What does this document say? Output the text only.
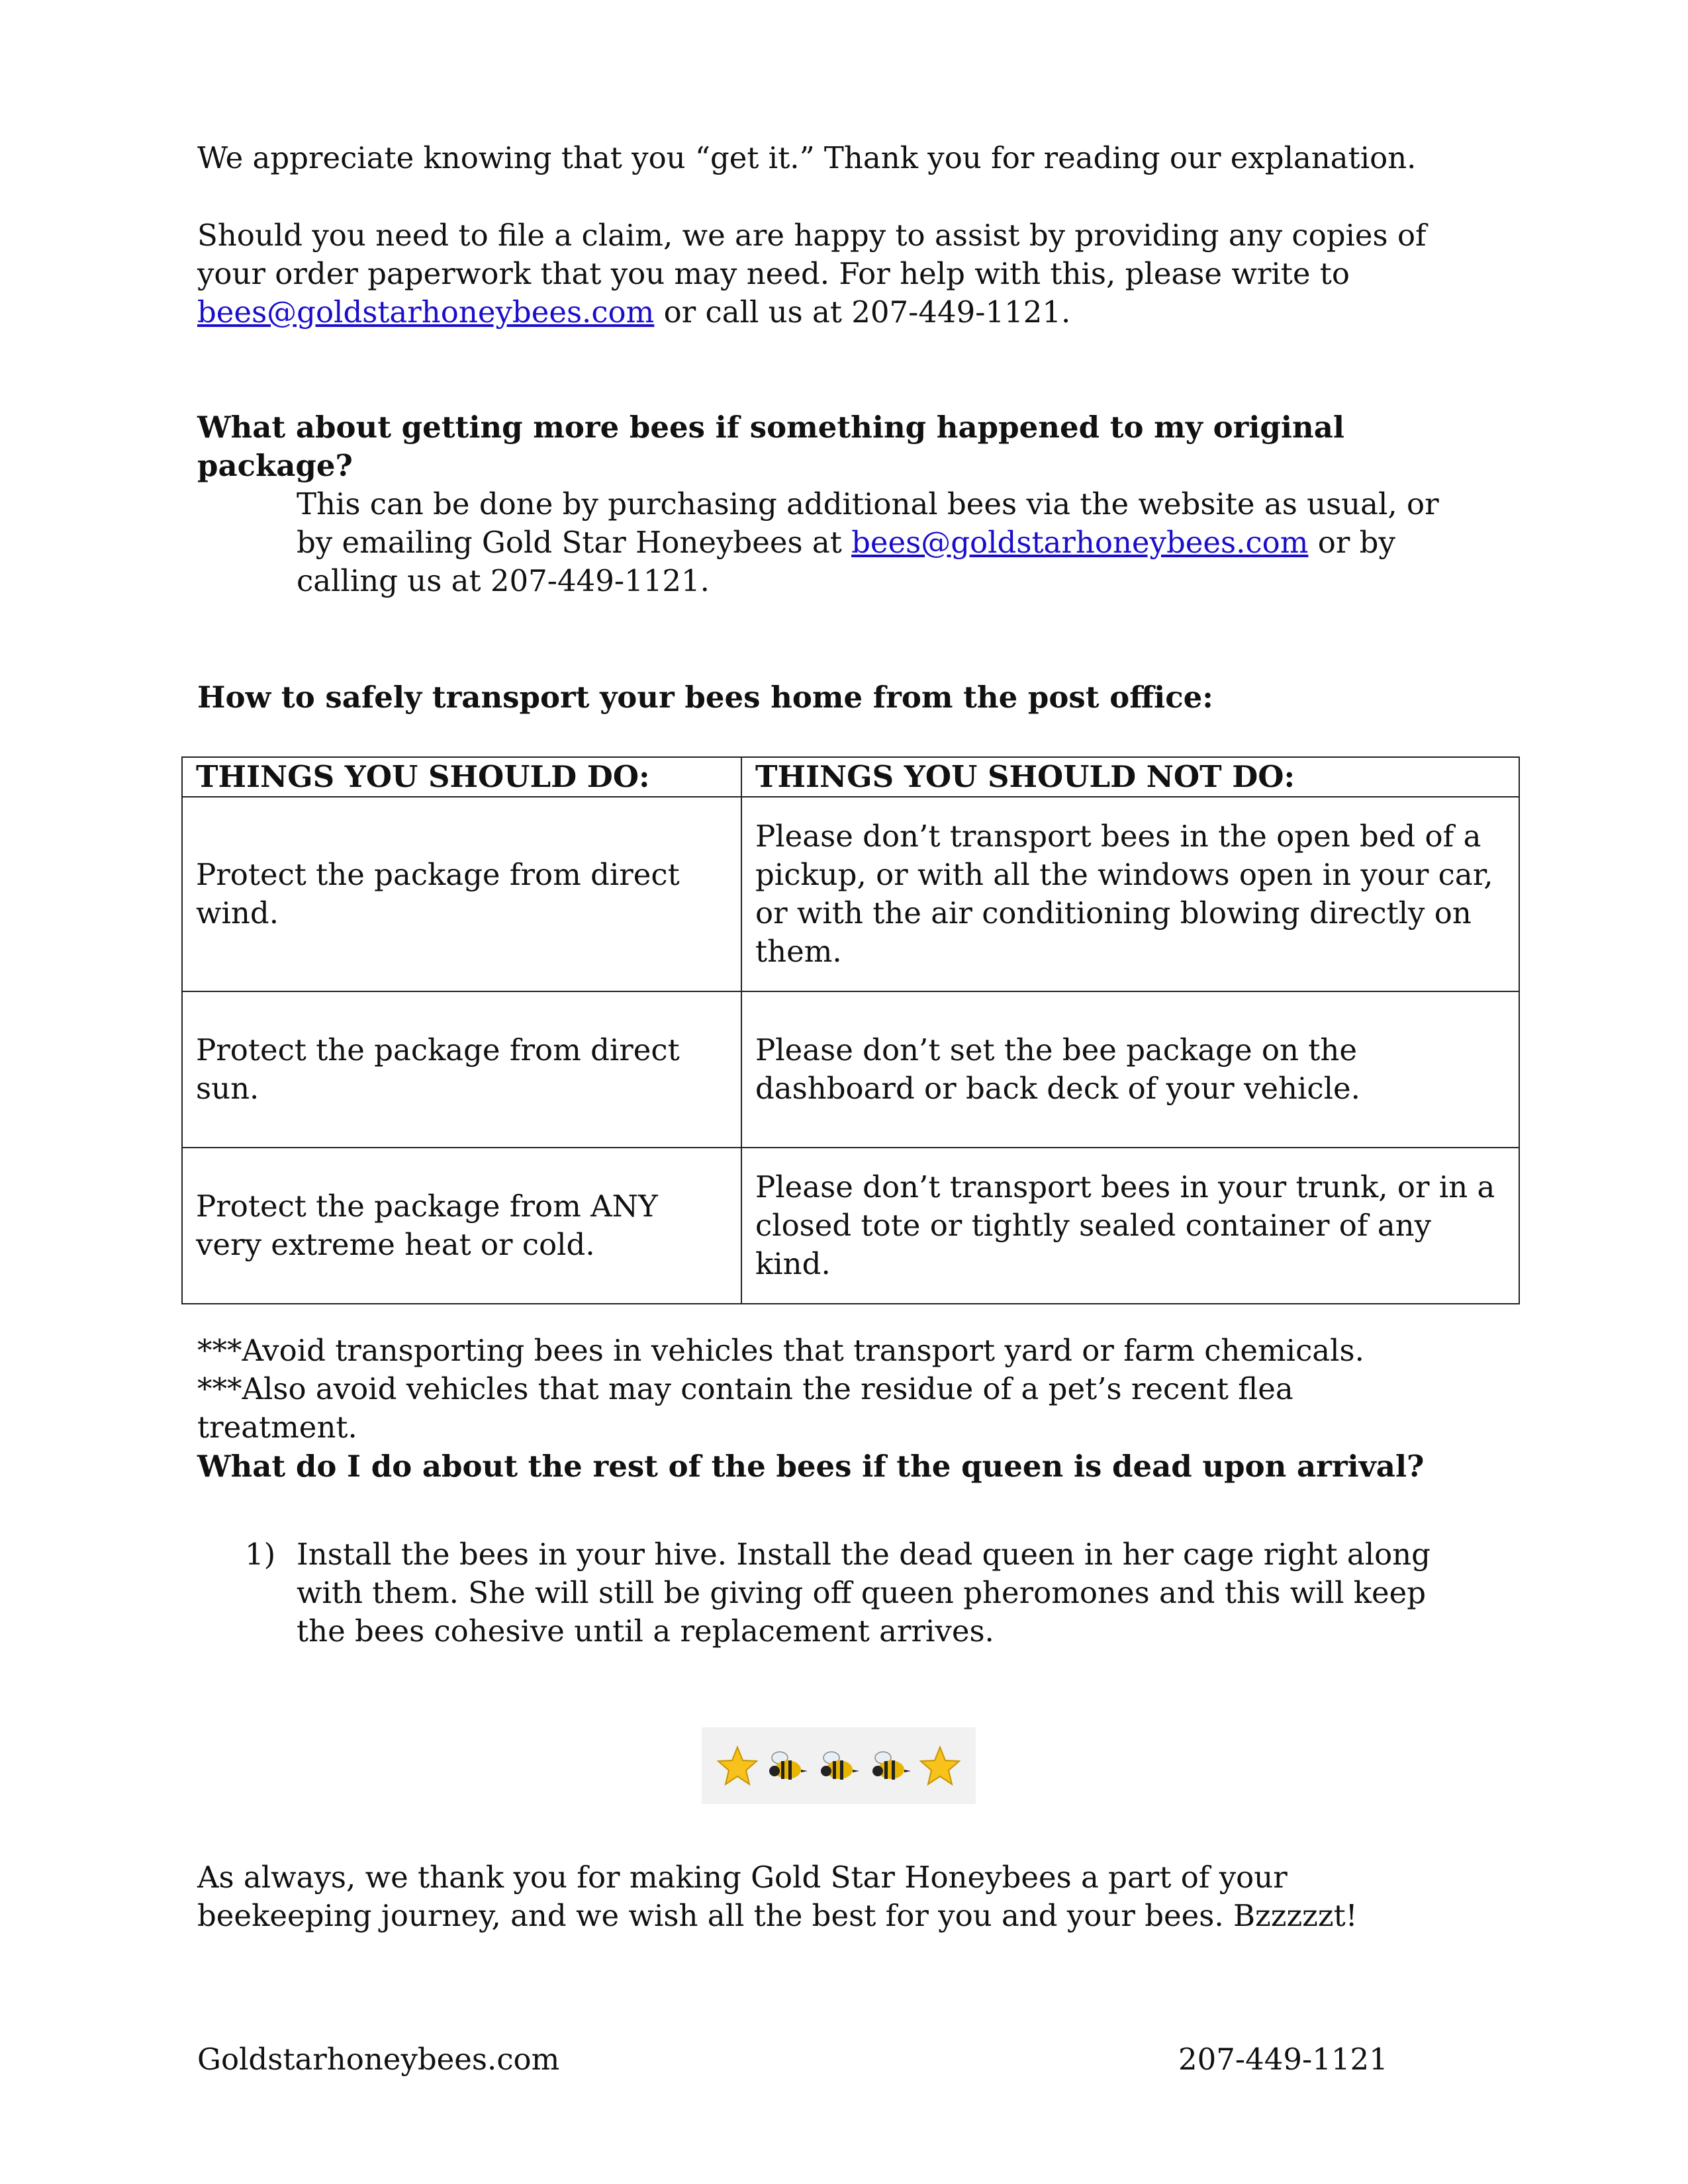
We appreciate knowing that you “get it.” Thank you for reading our explanation.

Should you need to file a claim, we are happy to assist by providing any copies of your order paperwork that you may need. For help with this, please write to bees@goldstarhoneybees.com or call us at 207-449-1121.

What about getting more bees if something happened to my original package?

This can be done by purchasing additional bees via the website as usual, or by emailing Gold Star Honeybees at bees@goldstarhoneybees.com or by calling us at 207-449-1121.

How to safely transport your bees home from the post office:

THINGS YOU SHOULD DO:	THINGS YOU SHOULD NOT DO:
Protect the package from direct wind.	Please don’t transport bees in the open bed of a pickup, or with all the windows open in your car, or with the air conditioning blowing directly on them.
Protect the package from direct sun.	Please don’t set the bee package on the dashboard or back deck of your vehicle.
Protect the package from ANY very extreme heat or cold.	Please don’t transport bees in your trunk, or in a closed tote or tightly sealed container of any kind.

***Avoid transporting bees in vehicles that transport yard or farm chemicals.

***Also avoid vehicles that may contain the residue of a pet’s recent flea treatment.

What do I do about the rest of the bees if the queen is dead upon arrival?

1) Install the bees in your hive. Install the dead queen in her cage right along with them. She will still be giving off queen pheromones and this will keep the bees cohesive until a replacement arrives.

As always, we thank you for making Gold Star Honeybees a part of your beekeeping journey, and we wish all the best for you and your bees. Bzzzzzt!

Goldstarhoneybees.com	207-449-1121
